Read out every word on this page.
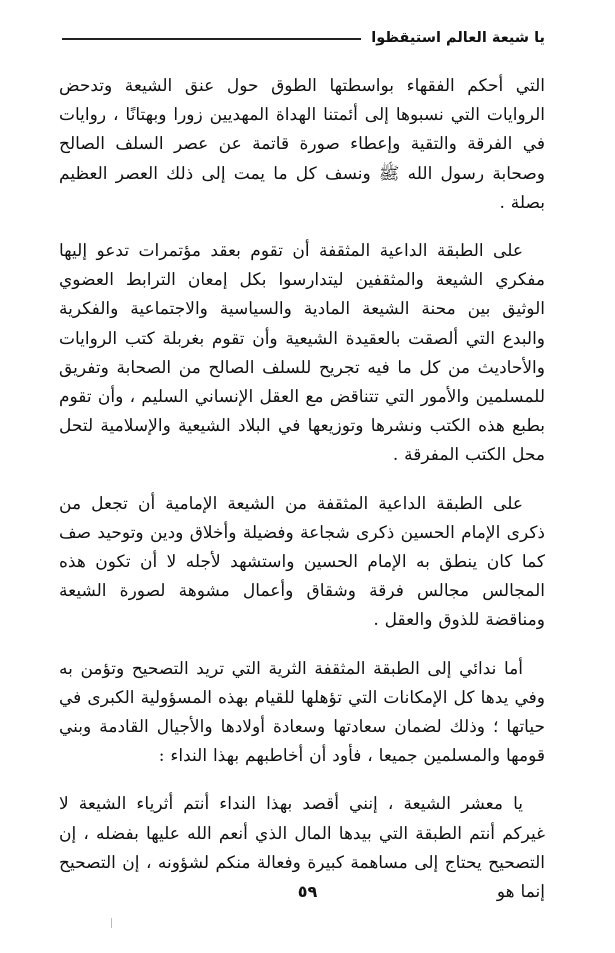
يا شيعة العالم استيقظوا

التي أحكم الفقهاء بواسطتها الطوق حول عنق الشيعة وتدحض الروايات التي نسبوها إلى أئمتنا الهداة المهديين زورا وبهتانًا ، روايات في الفرقة والتقية وإعطاء صورة قاتمة عن عصر السلف الصالح وصحابة رسول الله ﷺ ونسف كل ما يمت إلى ذلك العصر العظيم بصلة .

على الطبقة الداعية المثقفة أن تقوم بعقد مؤتمرات تدعو إليها مفكري الشيعة والمثقفين ليتدارسوا بكل إمعان الترابط العضوي الوثيق بين محنة الشيعة المادية والسياسية والاجتماعية والفكرية والبدع التي ألصقت بالعقيدة الشيعية وأن تقوم بغربلة كتب الروايات والأحاديث من كل ما فيه تجريح للسلف الصالح من الصحابة وتفريق للمسلمين والأمور التي تتناقض مع العقل الإنساني السليم ، وأن تقوم بطبع هذه الكتب ونشرها وتوزيعها في البلاد الشيعية والإسلامية لتحل محل الكتب المفرقة .

على الطبقة الداعية المثقفة من الشيعة الإمامية أن تجعل من ذكرى الإمام الحسين ذكرى شجاعة وفضيلة وأخلاق ودين وتوحيد صف كما كان ينطق به الإمام الحسين واستشهد لأجله لا أن تكون هذه المجالس مجالس فرقة وشقاق وأعمال مشوهة لصورة الشيعة ومناقضة للذوق والعقل .

أما ندائي إلى الطبقة المثقفة الثرية التي تريد التصحيح وتؤمن به وفي يدها كل الإمكانات التي تؤهلها للقيام بهذه المسؤولية الكبرى في حياتها ؛ وذلك لضمان سعادتها وسعادة أولادها والأجيال القادمة وبني قومها والمسلمين جميعا ، فأود أن أخاطبهم بهذا النداء :

يا معشر الشيعة ، إنني أقصد بهذا النداء أنتم أثرياء الشيعة لا غيركم أنتم الطبقة التي بيدها المال الذي أنعم الله عليها بفضله ، إن التصحيح يحتاج إلى مساهمة كبيرة وفعالة منكم لشؤونه ، إن التصحيح إنما هو

٥٩
